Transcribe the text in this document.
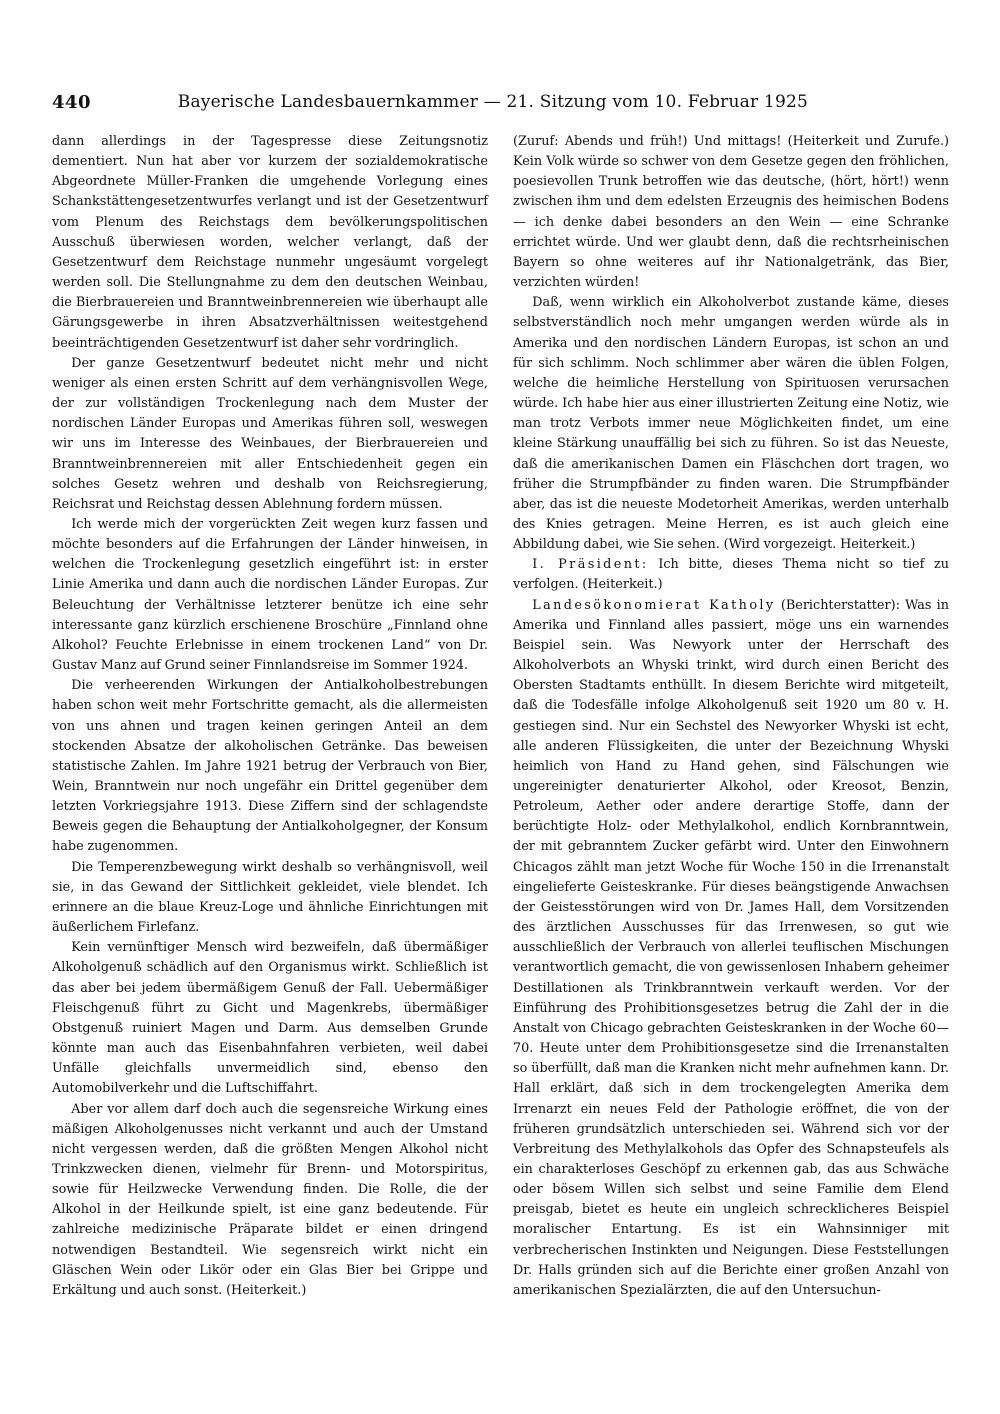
440	Bayerische Landesbauernkammer — 21. Sitzung vom 10. Februar 1925

dann allerdings in der Tagespresse diese Zeitungsnotiz dementiert. Nun hat aber vor kurzem der sozialdemokratische Abgeordnete Müller-Franken die umgehende Vorlegung eines Schankstättengesetzentwurfes verlangt und ist der Gesetzentwurf vom Plenum des Reichstags dem bevölkerungspolitischen Ausschuß überwiesen worden, welcher verlangt, daß der Gesetzentwurf dem Reichstage nunmehr ungesäumt vorgelegt werden soll. Die Stellungnahme zu dem den deutschen Weinbau, die Bierbrauereien und Branntweinbrennereien wie überhaupt alle Gärungsgewerbe in ihren Absatzverhältnissen weitestgehend beeinträchtigenden Gesetzentwurf ist daher sehr vordringlich.

Der ganze Gesetzentwurf bedeutet nicht mehr und nicht weniger als einen ersten Schritt auf dem verhängnisvollen Wege, der zur vollständigen Trockenlegung nach dem Muster der nordischen Länder Europas und Amerikas führen soll, weswegen wir uns im Interesse des Weinbaues, der Bierbrauereien und Branntweinbrennereien mit aller Entschiedenheit gegen ein solches Gesetz wehren und deshalb von Reichsregierung, Reichsrat und Reichstag dessen Ablehnung fordern müssen.

Ich werde mich der vorgerückten Zeit wegen kurz fassen und möchte besonders auf die Erfahrungen der Länder hinweisen, in welchen die Trockenlegung gesetzlich eingeführt ist: in erster Linie Amerika und dann auch die nordischen Länder Europas. Zur Beleuchtung der Verhältnisse letzterer benütze ich eine sehr interessante ganz kürzlich erschienene Broschüre „Finnland ohne Alkohol? Feuchte Erlebnisse in einem trockenen Land“ von Dr. Gustav Manz auf Grund seiner Finnlandsreise im Sommer 1924.

Die verheerenden Wirkungen der Antialkoholbestrebungen haben schon weit mehr Fortschritte gemacht, als die allermeisten von uns ahnen und tragen keinen geringen Anteil an dem stockenden Absatze der alkoholischen Getränke. Das beweisen statistische Zahlen. Im Jahre 1921 betrug der Verbrauch von Bier, Wein, Branntwein nur noch ungefähr ein Drittel gegenüber dem letzten Vorkriegsjahre 1913. Diese Ziffern sind der schlagendste Beweis gegen die Behauptung der Antialkoholgegner, der Konsum habe zugenommen.

Die Temperenzbewegung wirkt deshalb so verhängnisvoll, weil sie, in das Gewand der Sittlichkeit gekleidet, viele blendet. Ich erinnere an die blaue Kreuz-Loge und ähnliche Einrichtungen mit äußerlichem Firlefanz.

Kein vernünftiger Mensch wird bezweifeln, daß übermäßiger Alkoholgenuß schädlich auf den Organismus wirkt. Schließlich ist das aber bei jedem übermäßigem Genuß der Fall. Uebermäßiger Fleischgenuß führt zu Gicht und Magenkrebs, übermäßiger Obstgenuß ruiniert Magen und Darm. Aus demselben Grunde könnte man auch das Eisenbahnfahren verbieten, weil dabei Unfälle gleichfalls unvermeidlich sind, ebenso den Automobilverkehr und die Luftschiffahrt.

Aber vor allem darf doch auch die segensreiche Wirkung eines mäßigen Alkoholgenusses nicht verkannt und auch der Umstand nicht vergessen werden, daß die größten Mengen Alkohol nicht Trinkzwecken dienen, vielmehr für Brenn- und Motorspiritus, sowie für Heilzwecke Verwendung finden. Die Rolle, die der Alkohol in der Heilkunde spielt, ist eine ganz bedeutende. Für zahlreiche medizinische Präparate bildet er einen dringend notwendigen Bestandteil. Wie segensreich wirkt nicht ein Gläschen Wein oder Likör oder ein Glas Bier bei Grippe und Erkältung und auch sonst. (Heiterkeit.)

(Zuruf: Abends und früh!) Und mittags! (Heiterkeit und Zurufe.) Kein Volk würde so schwer von dem Gesetze gegen den fröhlichen, poesievollen Trunk betroffen wie das deutsche, (hört, hört!) wenn zwischen ihm und dem edelsten Erzeugnis des heimischen Bodens — ich denke dabei besonders an den Wein — eine Schranke errichtet würde. Und wer glaubt denn, daß die rechtsrheinischen Bayern so ohne weiteres auf ihr Nationalgetränk, das Bier, verzichten würden!

Daß, wenn wirklich ein Alkoholverbot zustande käme, dieses selbstverständlich noch mehr umgangen werden würde als in Amerika und den nordischen Ländern Europas, ist schon an und für sich schlimm. Noch schlimmer aber wären die üblen Folgen, welche die heimliche Herstellung von Spirituosen verursachen würde. Ich habe hier aus einer illustrierten Zeitung eine Notiz, wie man trotz Verbots immer neue Möglichkeiten findet, um eine kleine Stärkung unauffällig bei sich zu führen. So ist das Neueste, daß die amerikanischen Damen ein Fläschchen dort tragen, wo früher die Strumpfbänder zu finden waren. Die Strumpfbänder aber, das ist die neueste Modetorheit Amerikas, werden unterhalb des Knies getragen. Meine Herren, es ist auch gleich eine Abbildung dabei, wie Sie sehen. (Wird vorgezeigt. Heiterkeit.)

I. Präsident: Ich bitte, dieses Thema nicht so tief zu verfolgen. (Heiterkeit.)

Landesökonomierat Katholy (Berichterstatter): Was in Amerika und Finnland alles passiert, möge uns ein warnendes Beispiel sein. Was Newyork unter der Herrschaft des Alkoholverbots an Whyski trinkt, wird durch einen Bericht des Obersten Stadtamts enthüllt. In diesem Berichte wird mitgeteilt, daß die Todesfälle infolge Alkoholgenuß seit 1920 um 80 v. H. gestiegen sind. Nur ein Sechstel des Newyorker Whyski ist echt, alle anderen Flüssigkeiten, die unter der Bezeichnung Whyski heimlich von Hand zu Hand gehen, sind Fälschungen wie ungereinigter denaturierter Alkohol, oder Kreosot, Benzin, Petroleum, Aether oder andere derartige Stoffe, dann der berüchtigte Holz- oder Methylalkohol, endlich Kornbranntwein, der mit gebranntem Zucker gefärbt wird. Unter den Einwohnern Chicagos zählt man jetzt Woche für Woche 150 in die Irrenanstalt eingelieferte Geisteskranke. Für dieses beängstigende Anwachsen der Geistesstörungen wird von Dr. James Hall, dem Vorsitzenden des ärztlichen Ausschusses für das Irrenwesen, so gut wie ausschließlich der Verbrauch von allerlei teuflischen Mischungen verantwortlich gemacht, die von gewissenlosen Inhabern geheimer Destillationen als Trinkbranntwein verkauft werden. Vor der Einführung des Prohibitionsgesetzes betrug die Zahl der in die Anstalt von Chicago gebrachten Geisteskranken in der Woche 60—70. Heute unter dem Prohibitionsgesetze sind die Irrenanstalten so überfüllt, daß man die Kranken nicht mehr aufnehmen kann. Dr. Hall erklärt, daß sich in dem trockengelegten Amerika dem Irrenarzt ein neues Feld der Pathologie eröffnet, die von der früheren grundsätzlich unterschieden sei. Während sich vor der Verbreitung des Methylalkohols das Opfer des Schnapsteufels als ein charakterloses Geschöpf zu erkennen gab, das aus Schwäche oder bösem Willen sich selbst und seine Familie dem Elend preisgab, bietet es heute ein ungleich schrecklicheres Beispiel moralischer Entartung. Es ist ein Wahnsinniger mit verbrecherischen Instinkten und Neigungen. Diese Feststellungen Dr. Halls gründen sich auf die Berichte einer großen Anzahl von amerikanischen Spezialärzten, die auf den Untersuchun-
